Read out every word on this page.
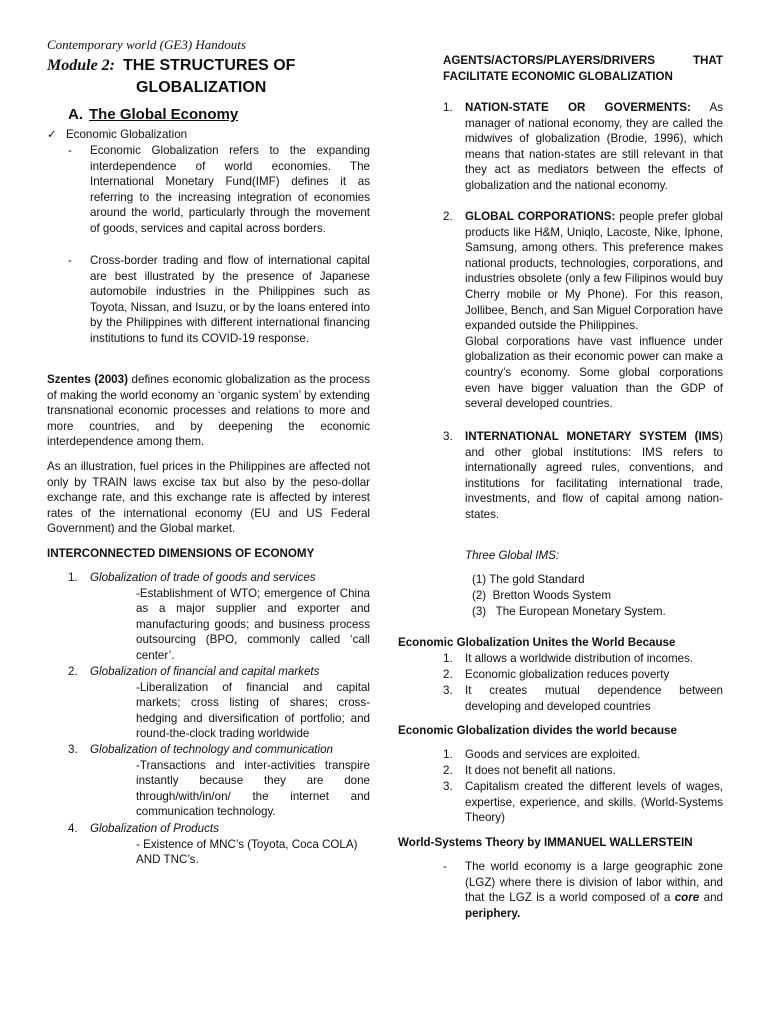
Contemporary world (GE3) Handouts
Module 2: THE STRUCTURES OF
GLOBALIZATION
A. The Global Economy
✓ Economic Globalization
- Economic Globalization refers to the expanding interdependence of world economies. The International Monetary Fund(IMF) defines it as referring to the increasing integration of economies around the world, particularly through the movement of goods, services and capital across borders.
- Cross-border trading and flow of international capital are best illustrated by the presence of Japanese automobile industries in the Philippines such as Toyota, Nissan, and Isuzu, or by the loans entered into by the Philippines with different international financing institutions to fund its COVID-19 response.
Szentes (2003) defines economic globalization as the process of making the world economy an ‘organic system’ by extending transnational economic processes and relations to more and more countries, and by deepening the economic interdependence among them.
As an illustration, fuel prices in the Philippines are affected not only by TRAIN laws excise tax but also by the peso-dollar exchange rate, and this exchange rate is affected by interest rates of the international economy (EU and US Federal Government) and the Global market.
INTERCONNECTED DIMENSIONS OF ECONOMY
1. Globalization of trade of goods and services
-Establishment of WTO; emergence of China as a major supplier and exporter and manufacturing goods; and business process outsourcing (BPO, commonly called ‘call center’.
2. Globalization of financial and capital markets
-Liberalization of financial and capital markets; cross listing of shares; cross-hedging and diversification of portfolio; and round-the-clock trading worldwide
3. Globalization of technology and communication
-Transactions and inter-activities transpire instantly because they are done through/with/in/on/ the internet and communication technology.
4. Globalization of Products
- Existence of MNC’s (Toyota, Coca COLA) AND TNC’s.
AGENTS/ACTORS/PLAYERS/DRIVERS	THAT
FACILITATE ECONOMIC GLOBALIZATION
1. NATION-STATE OR GOVERMENTS: As manager of national economy, they are called the midwives of globalization (Brodie, 1996), which means that nation-states are still relevant in that they act as mediators between the effects of globalization and the national economy.
2. GLOBAL CORPORATIONS: people prefer global products like H&M, Uniqlo, Lacoste, Nike, Iphone, Samsung, among others. This preference makes national products, technologies, corporations, and industries obsolete (only a few Filipinos would buy Cherry mobile or My Phone). For this reason, Jollibee, Bench, and San Miguel Corporation have expanded outside the Philippines.
Global corporations have vast influence under globalization as their economic power can make a country’s economy. Some global corporations even have bigger valuation than the GDP of several developed countries.
3. INTERNATIONAL MONETARY SYSTEM (IMS) and other global institutions: IMS refers to internationally agreed rules, conventions, and institutions for facilitating international trade, investments, and flow of capital among nation-states.
Three Global IMS:
(1) The gold Standard
(2) Bretton Woods System
(3) The European Monetary System.
Economic Globalization Unites the World Because
1. It allows a worldwide distribution of incomes.
2. Economic globalization reduces poverty
3. It creates mutual dependence between developing and developed countries
Economic Globalization divides the world because
1. Goods and services are exploited.
2. It does not benefit all nations.
3. Capitalism created the different levels of wages, expertise, experience, and skills. (World-Systems Theory)
World-Systems Theory by IMMANUEL WALLERSTEIN
- The world economy is a large geographic zone (LGZ) where there is division of labor within, and that the LGZ is a world composed of a core and periphery.
